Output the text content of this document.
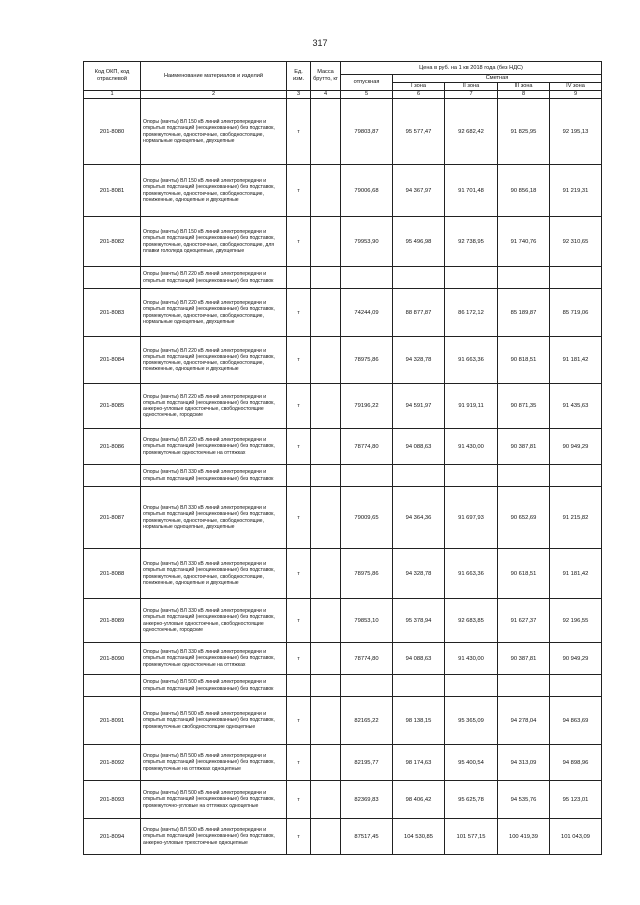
317
Код ОКП, код отраслевой	Наименование материалов и изделий	Ед. изм.	Масса брутто, кг	Цена в руб. на 1 кв 2018 года (без НДС)				
				отпускная	Сметная			
					I зона	II зона	III зона	IV зона

1	2	3	4	5	6	7	8	9
201-8080	Опоры (мачты) ВЛ 150 кВ линий электропередачи и открытых подстанций (неоцинкованные) без подставок, промежуточные, одностоечные, свободностоящие, нормальные одноцепные, двухцепные	т		79803,87	95 577,47	92 682,42	91 825,95	92 195,13
201-8081	Опоры (мачты) ВЛ 150 кВ линий электропередачи и открытых подстанций (неоцинкованные) без подставок, промежуточные, одностоечные, свободностоящие, пониженные, одноцепные и двухцепные	т		79006,68	94 367,97	91 701,48	90 856,18	91 219,31
201-8082	Опоры (мачты) ВЛ 150 кВ линий электропередачи и открытых подстанций (неоцинкованные) без подставок, промежуточные, одностоечные, свободностоящие, для плавки гололеда одноцепные, двухцепные	т		79953,90	95 496,98	92 738,95	91 740,76	92 310,65
	Опоры (мачты) ВЛ 220 кВ линий электропередачи и открытых подстанций (неоцинкованные) без подставок							
201-8083	Опоры (мачты) ВЛ 220 кВ линий электропередачи и открытых подстанций (неоцинкованные) без подставок, промежуточные, одностоечные, свободностоящие, нормальные одноцепные, двухцепные	т		74244,09	88 877,87	86 172,12	85 189,87	85 719,06
201-8084	Опоры (мачты) ВЛ 220 кВ линий электропередачи и открытых подстанций (неоцинкованные) без подставок, промежуточные, одностоечные, свободностоящие, пониженные, одноцепные и двухцепные	т		78975,86	94 328,78	91 663,36	90 818,51	91 181,42
201-8085	Опоры (мачты) ВЛ 220 кВ линий электропередачи и открытых подстанций (неоцинкованные) без подставок, анкерно-угловые одностоечные, свободностоящие одностоечные, городские	т		79196,22	94 591,97	91 919,11	90 871,35	91 435,63
201-8086	Опоры (мачты) ВЛ 220 кВ линий электропередачи и открытых подстанций (неоцинкованные) без подставок, промежуточные одностоечные на оттяжках	т		78774,80	94 088,63	91 430,00	90 387,81	90 949,29
	Опоры (мачты) ВЛ 330 кВ линий электропередачи и открытых подстанций (неоцинкованные) без подставок							
201-8087	Опоры (мачты) ВЛ 330 кВ линий электропередачи и открытых подстанций (неоцинкованные) без подставок, промежуточные, одностоечные, свободностоящие, нормальные одноцепные, двухцепные	т		79009,65	94 364,36	91 697,93	90 652,69	91 215,82
201-8088	Опоры (мачты) ВЛ 330 кВ линий электропередачи и открытых подстанций (неоцинкованные) без подставок, промежуточные, одностоечные, свободностоящие, пониженные, одноцепные и двухцепные	т		78975,86	94 328,78	91 663,36	90 618,51	91 181,42
201-8089	Опоры (мачты) ВЛ 330 кВ линий электропередачи и открытых подстанций (неоцинкованные) без подставок, анкерно-угловые одностоечные, свободностоящие одностоечные, городские	т		79853,10	95 378,94	92 683,85	91 627,37	92 196,55
201-8090	Опоры (мачты) ВЛ 330 кВ линий электропередачи и открытых подстанций (неоцинкованные) без подставок, промежуточные одностоечные на оттяжках	т		78774,80	94 088,63	91 430,00	90 387,81	90 949,29
	Опоры (мачты) ВЛ 500 кВ линий электропередачи и открытых подстанций (неоцинкованные) без подставок							
201-8091	Опоры (мачты) ВЛ 500 кВ линий электропередачи и открытых подстанций (неоцинкованные) без подставок, промежуточные свободностоящие одноцепные	т		82165,22	98 138,15	95 365,09	94 278,04	94 863,69
201-8092	Опоры (мачты) ВЛ 500 кВ линий электропередачи и открытых подстанций (неоцинкованные) без подставок, промежуточные на оттяжках одноцепные	т		82195,77	98 174,63	95 400,54	94 313,09	94 898,96
201-8093	Опоры (мачты) ВЛ 500 кВ линий электропередачи и открытых подстанций (неоцинкованные) без подставок, промежуточно-угловые на оттяжках одноцепные	т		82369,83	98 406,42	95 625,78	94 535,76	95 123,01
201-8094	Опоры (мачты) ВЛ 500 кВ линий электропередачи и открытых подстанций (неоцинкованные) без подставок, анкерно-угловые трехстоечные одноцепные	т		87517,45	104 530,85	101 577,15	100 419,39	101 043,09
